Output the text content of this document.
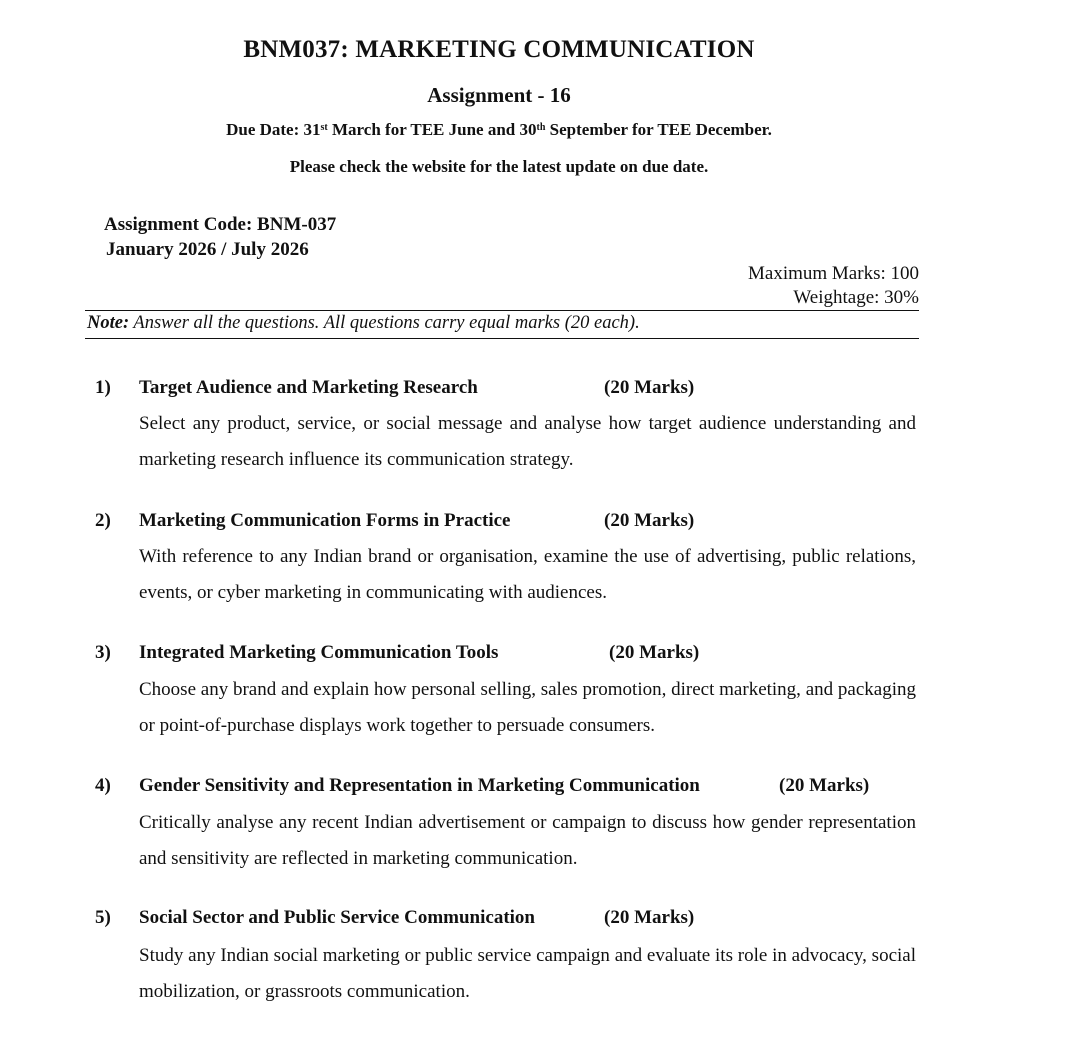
BNM037: MARKETING COMMUNICATION
Assignment - 16
Due Date: 31st March for TEE June and 30th September for TEE December.
Please check the website for the latest update on due date.
Assignment Code: BNM-037
January 2026 / July 2026
Maximum Marks: 100
Weightage: 30%
Note: Answer all the questions. All questions carry equal marks (20 each).
1) Target Audience and Marketing Research	(20 Marks)
Select any product, service, or social message and analyse how target audience understanding and marketing research influence its communication strategy.
2) Marketing Communication Forms in Practice	(20 Marks)
With reference to any Indian brand or organisation, examine the use of advertising, public relations, events, or cyber marketing in communicating with audiences.
3) Integrated Marketing Communication Tools	(20 Marks)
Choose any brand and explain how personal selling, sales promotion, direct marketing, and packaging or point-of-purchase displays work together to persuade consumers.
4) Gender Sensitivity and Representation in Marketing Communication	(20 Marks)
Critically analyse any recent Indian advertisement or campaign to discuss how gender representation and sensitivity are reflected in marketing communication.
5) Social Sector and Public Service Communication	(20 Marks)
Study any Indian social marketing or public service campaign and evaluate its role in advocacy, social mobilization, or grassroots communication.
